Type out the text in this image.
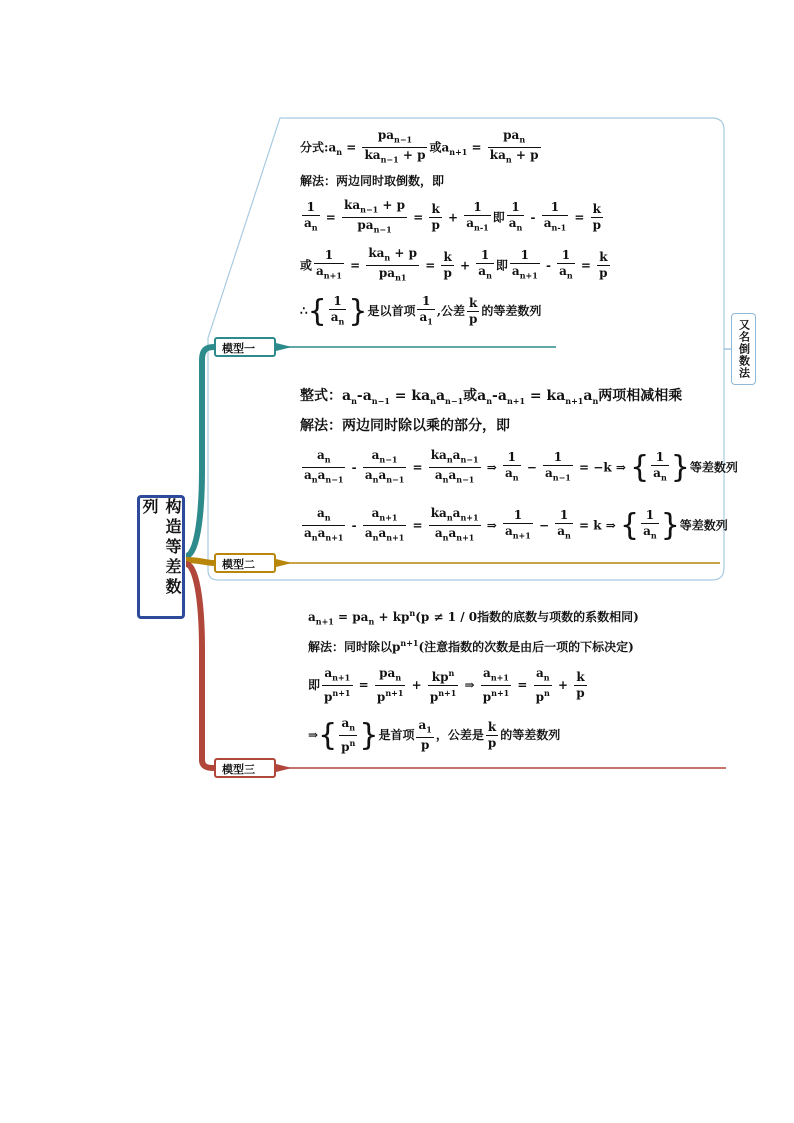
构造等差数列
模型一
模型二
模型三
又名倒数法
分式$:a_n = \frac{pa_{n-1}}{ka_{n-1} + p}$ 或$a_{n+1} = \frac{pa_n}{ka_n + p}$
解法：两边同时取倒数，即
$\frac{1}{a_n} = \frac{ka_{n-1} + p}{pa_{n-1}} = \frac{k}{p} + \frac{1}{a_{n-1}}$ 即 $\frac{1}{a_n} - \frac{1}{a_{n-1}} = \frac{k}{p}$
或 $\frac{1}{a_{n+1}} = \frac{ka_n + p}{pa_{n1}} = \frac{k}{p} + \frac{1}{a_n}$ 即 $\frac{1}{a_{n+1}} - \frac{1}{a_n} = \frac{k}{p}$
∴{ $\frac{1}{a_n}$ }是以首项 $\frac{1}{a_1}$ ,公差 $\frac{k}{p}$ 的等差数列
整式：$a_n-a_{n-1} = ka_na_{n-1}$或$a_n-a_{n+1} = ka_{n+1}a_n$两项相减相乘
解法：两边同时除以乘的部分，即
$\frac{a_n}{a_na_{n-1}} - \frac{a_{n-1}}{a_na_{n-1}} = \frac{ka_na_{n-1}}{a_na_{n-1}}$ ⇒ $\frac{1}{a_n} - \frac{1}{a_{n-1}} = -k$ ⇒ { $\frac{1}{a_n}$ }等差数列
$\frac{a_n}{a_na_{n+1}} - \frac{a_{n+1}}{a_na_{n+1}} = \frac{ka_na_{n+1}}{a_na_{n+1}}$ ⇒ $\frac{1}{a_{n+1}} - \frac{1}{a_n} = k$ ⇒ { $\frac{1}{a_n}$ }等差数列
$a_{n+1} = pa_n + kp^n(p \ne 1 / 0$指数的底数与项数的系数相同)
解法：同时除以$p^{n+1}$(注意指数的次数是由后一项的下标决定)
即 $\frac{a_{n+1}}{p^{n+1}} = \frac{pa_n}{p^{n+1}} + \frac{kp^n}{p^{n+1}}$ ⇒ $\frac{a_{n+1}}{p^{n+1}} = \frac{a_n}{p^n} + \frac{k}{p}$
⇒{ $\frac{a_n}{p^n}$ }是首项 $\frac{a_1}{p}$ ，公差是 $\frac{k}{p}$ 的等差数列
